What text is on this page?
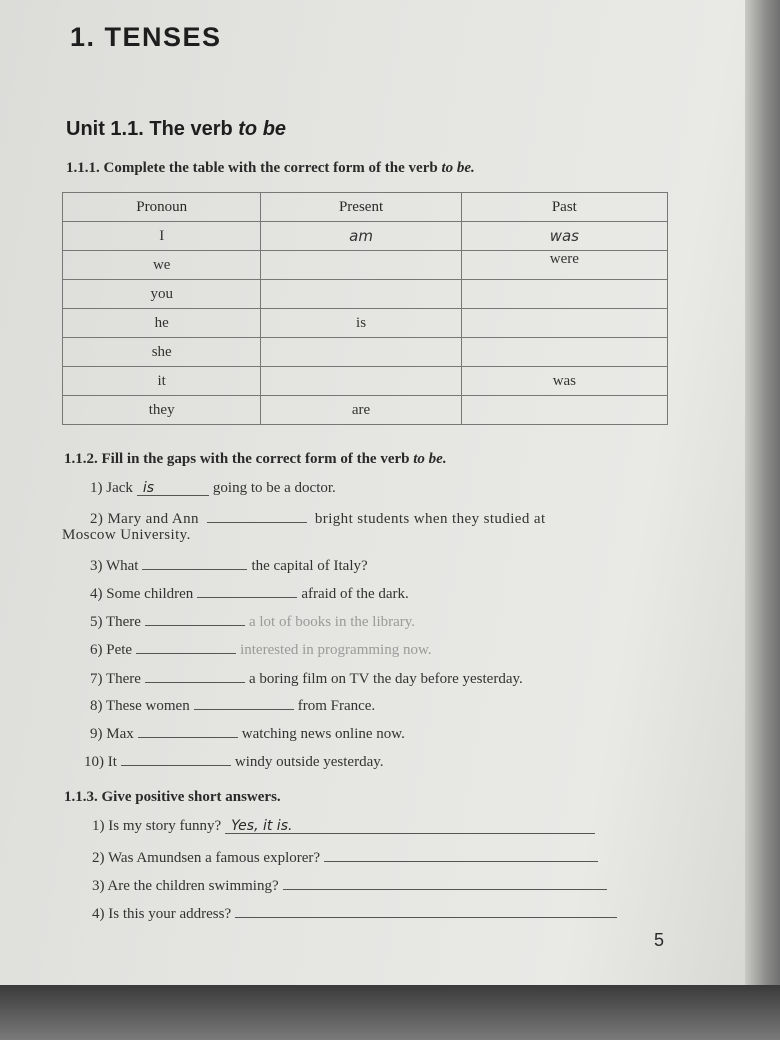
1. TENSES
Unit 1.1. The verb to be
1.1.1. Complete the table with the correct form of the verb to be.
Pronoun	Present	Past
I	am	was
we		were
you		
he	is	
she		
it		was
they	are	
1.1.2. Fill in the gaps with the correct form of the verb to be.
1) Jack is	going to be a doctor.
2) Mary and Ann	bright students when they studied at
Moscow University.
3) What	the capital of Italy?
4) Some children	afraid of the dark.
5) There	a lot of books in the library.
6) Pete	interested in programming now.
7) There	a boring film on TV the day before yesterday.
8) These women	from France.
9) Max	watching news online now.
10) It	windy outside yesterday.
1.1.3. Give positive short answers.
1) Is my story funny? Yes, it is.
2) Was Amundsen a famous explorer?
3) Are the children swimming?
4) Is this your address?
5
